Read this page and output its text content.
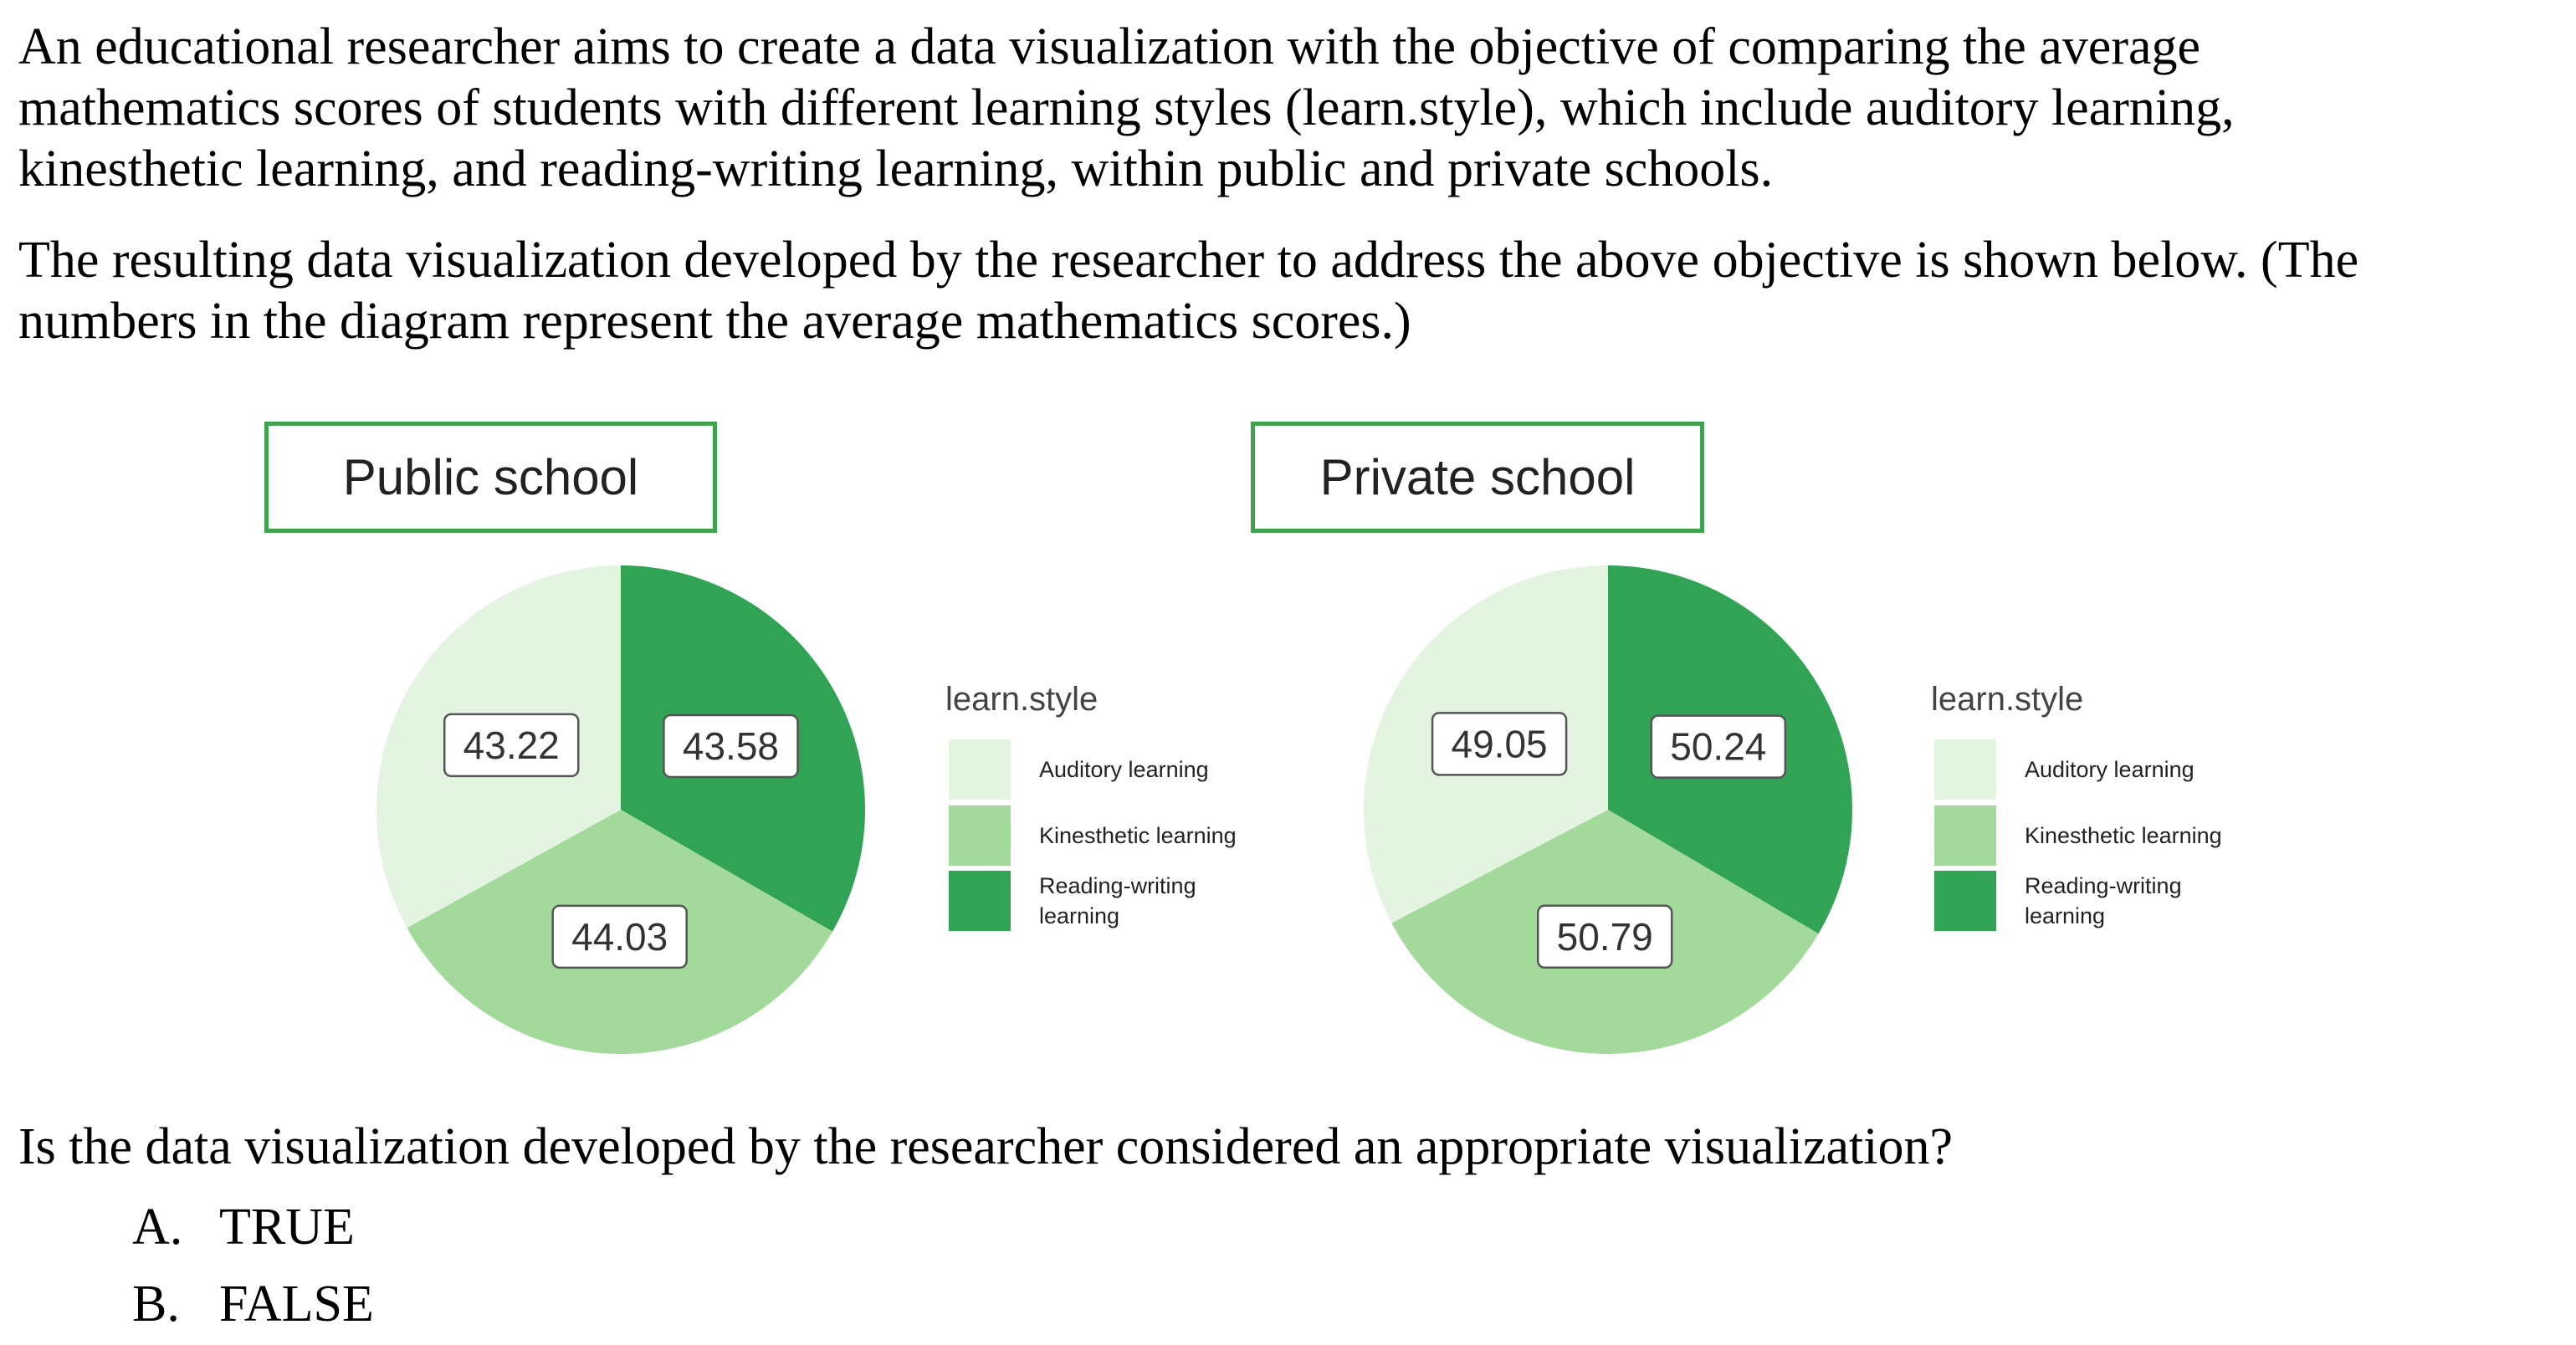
An educational researcher aims to create a data visualization with the objective of comparing the average
mathematics scores of students with different learning styles (learn.style), which include auditory learning,
kinesthetic learning, and reading-writing learning, within public and private schools.

The resulting data visualization developed by the researcher to address the above objective is shown below. (The
numbers in the diagram represent the average mathematics scores.)

Public school	Private school
43.58
44.03
43.22	50.24
50.79
49.05
learn.style
Auditory learning
Kinesthetic learning
Reading-writing learning
learn.style
Auditory learning
Kinesthetic learning
Reading-writing learning

Is the data visualization developed by the researcher considered an appropriate visualization?

A. TRUE
B. FALSE
